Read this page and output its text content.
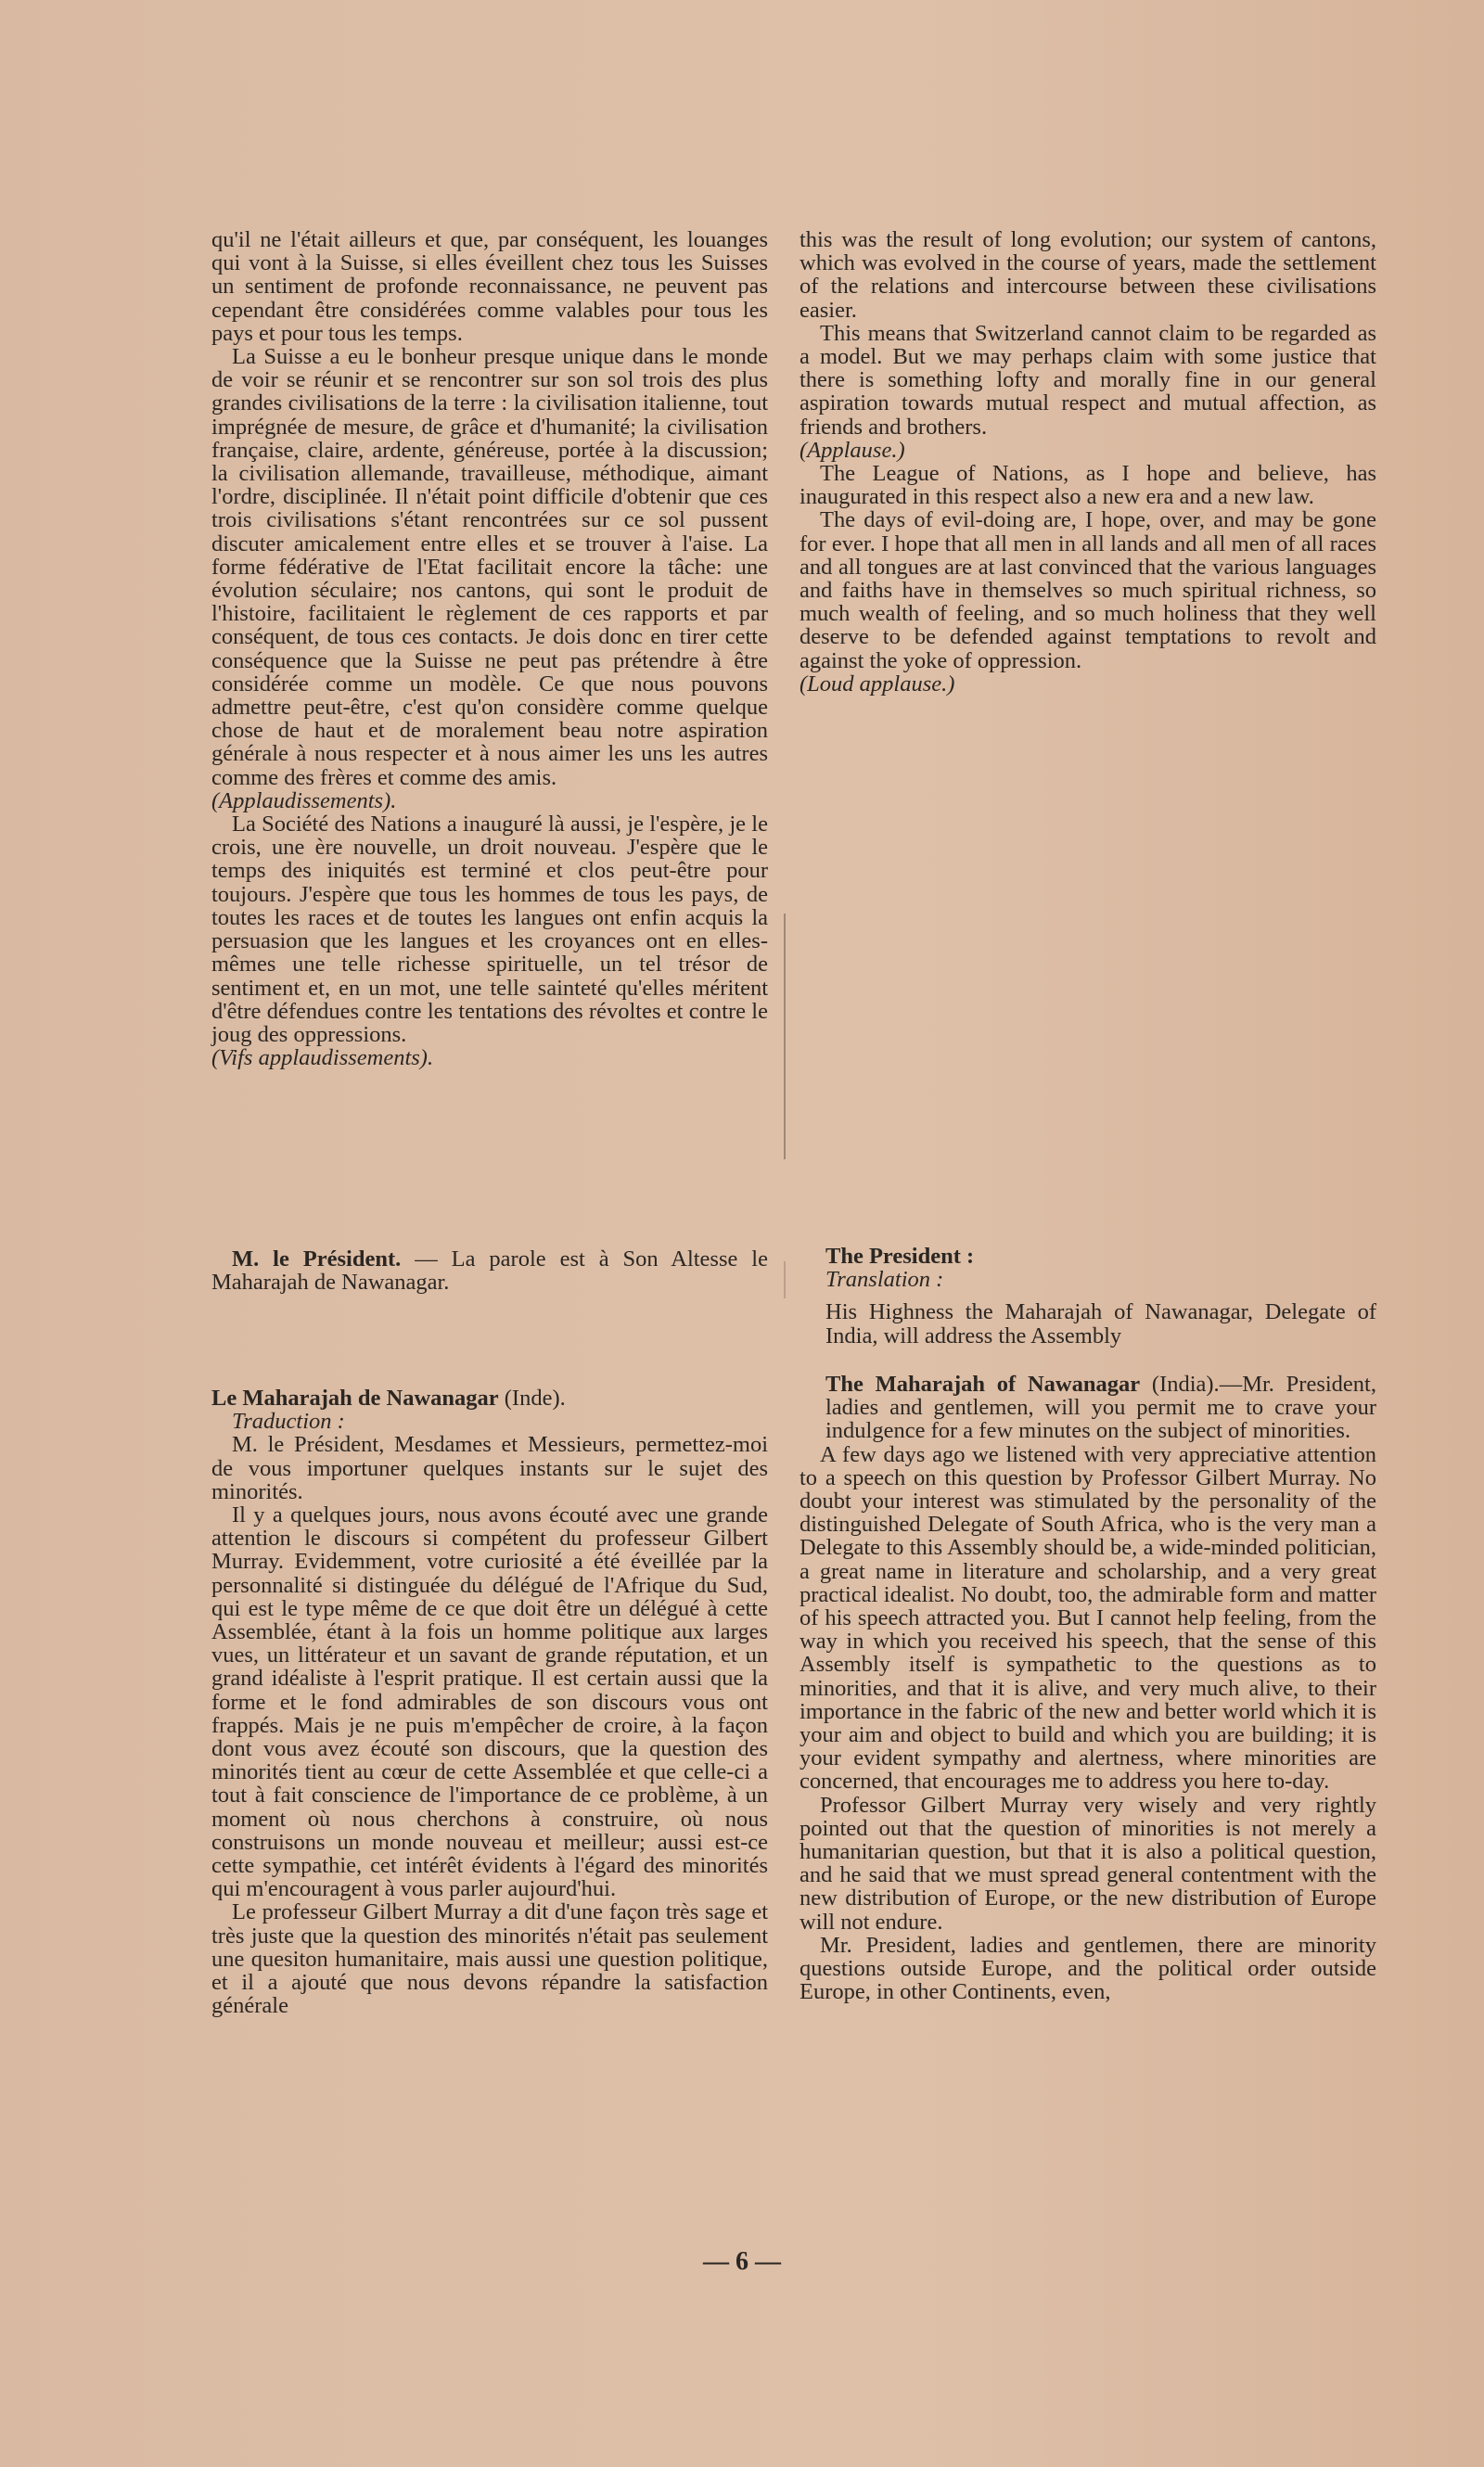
qu'il ne l'était ailleurs et que, par conséquent, les louanges qui vont à la Suisse, si elles éveillent chez tous les Suisses un sentiment de profonde reconnaissance, ne peuvent pas cependant être considérées comme valables pour tous les pays et pour tous les temps.

La Suisse a eu le bonheur presque unique dans le monde de voir se réunir et se rencontrer sur son sol trois des plus grandes civilisations de la terre : la civilisation italienne, tout imprégnée de mesure, de grâce et d'humanité; la civilisation française, claire, ardente, généreuse, portée à la discussion; la civilisation allemande, travailleuse, méthodique, aimant l'ordre, disciplinée. Il n'était point difficile d'obtenir que ces trois civilisations s'étant rencontrées sur ce sol pussent discuter amicalement entre elles et se trouver à l'aise. La forme fédérative de l'Etat facilitait encore la tâche: une évolution séculaire; nos cantons, qui sont le produit de l'histoire, facilitaient le règlement de ces rapports et par conséquent, de tous ces contacts. Je dois donc en tirer cette conséquence que la Suisse ne peut pas prétendre à être considérée comme un modèle. Ce que nous pouvons admettre peut-être, c'est qu'on considère comme quelque chose de haut et de moralement beau notre aspiration générale à nous respecter et à nous aimer les uns les autres comme des frères et comme des amis.

(Applaudissements).

La Société des Nations a inauguré là aussi, je l'espère, je le crois, une ère nouvelle, un droit nouveau. J'espère que le temps des iniquités est terminé et clos peut-être pour toujours. J'espère que tous les hommes de tous les pays, de toutes les races et de toutes les langues ont enfin acquis la persuasion que les langues et les croyances ont en elles-mêmes une telle richesse spirituelle, un tel trésor de sentiment et, en un mot, une telle sainteté qu'elles méritent d'être défendues contre les tentations des révoltes et contre le joug des oppressions.

(Vifs applaudissements).

this was the result of long evolution; our system of cantons, which was evolved in the course of years, made the settlement of the relations and intercourse between these civilisations easier.

This means that Switzerland cannot claim to be regarded as a model. But we may perhaps claim with some justice that there is something lofty and morally fine in our general aspiration towards mutual respect and mutual affection, as friends and brothers.

(Applause.)

The League of Nations, as I hope and believe, has inaugurated in this respect also a new era and a new law.

The days of evil-doing are, I hope, over, and may be gone for ever. I hope that all men in all lands and all men of all races and all tongues are at last convinced that the various languages and faiths have in themselves so much spiritual richness, so much wealth of feeling, and so much holiness that they well deserve to be defended against temptations to revolt and against the yoke of oppression.

(Loud applause.)

M. le Président. — La parole est à Son Altesse le Maharajah de Nawanagar.

The President :

Translation :

His Highness the Maharajah of Nawanagar, Delegate of India, will address the Assembly

Le Maharajah de Nawanagar (Inde).

Traduction :

M. le Président, Mesdames et Messieurs, permettez-moi de vous importuner quelques instants sur le sujet des minorités.

Il y a quelques jours, nous avons écouté avec une grande attention le discours si compétent du professeur Gilbert Murray. Evidemment, votre curiosité a été éveillée par la personnalité si distinguée du délégué de l'Afrique du Sud, qui est le type même de ce que doit être un délégué à cette Assemblée, étant à la fois un homme politique aux larges vues, un littérateur et un savant de grande réputation, et un grand idéaliste à l'esprit pratique. Il est certain aussi que la forme et le fond admirables de son discours vous ont frappés. Mais je ne puis m'empêcher de croire, à la façon dont vous avez écouté son discours, que la question des minorités tient au cœur de cette Assemblée et que celle-ci a tout à fait conscience de l'importance de ce problème, à un moment où nous cherchons à construire, où nous construisons un monde nouveau et meilleur; aussi est-ce cette sympathie, cet intérêt évidents à l'égard des minorités qui m'encouragent à vous parler aujourd'hui.

Le professeur Gilbert Murray a dit d'une façon très sage et très juste que la question des minorités n'était pas seulement une quesiton humanitaire, mais aussi une question politique, et il a ajouté que nous devons répandre la satisfaction générale

The Maharajah of Nawanagar (India).—Mr. President, ladies and gentlemen, will you permit me to crave your indulgence for a few minutes on the subject of minorities.

A few days ago we listened with very appreciative attention to a speech on this question by Professor Gilbert Murray. No doubt your interest was stimulated by the personality of the distinguished Delegate of South Africa, who is the very man a Delegate to this Assembly should be, a wide-minded politician, a great name in literature and scholarship, and a very great practical idealist. No doubt, too, the admirable form and matter of his speech attracted you. But I cannot help feeling, from the way in which you received his speech, that the sense of this Assembly itself is sympathetic to the questions as to minorities, and that it is alive, and very much alive, to their importance in the fabric of the new and better world which it is your aim and object to build and which you are building; it is your evident sympathy and alertness, where minorities are concerned, that encourages me to address you here to-day.

Professor Gilbert Murray very wisely and very rightly pointed out that the question of minorities is not merely a humanitarian question, but that it is also a political question, and he said that we must spread general contentment with the new distribution of Europe, or the new distribution of Europe will not endure.

Mr. President, ladies and gentlemen, there are minority questions outside Europe, and the political order outside Europe, in other Continents, even,

— 6 —
